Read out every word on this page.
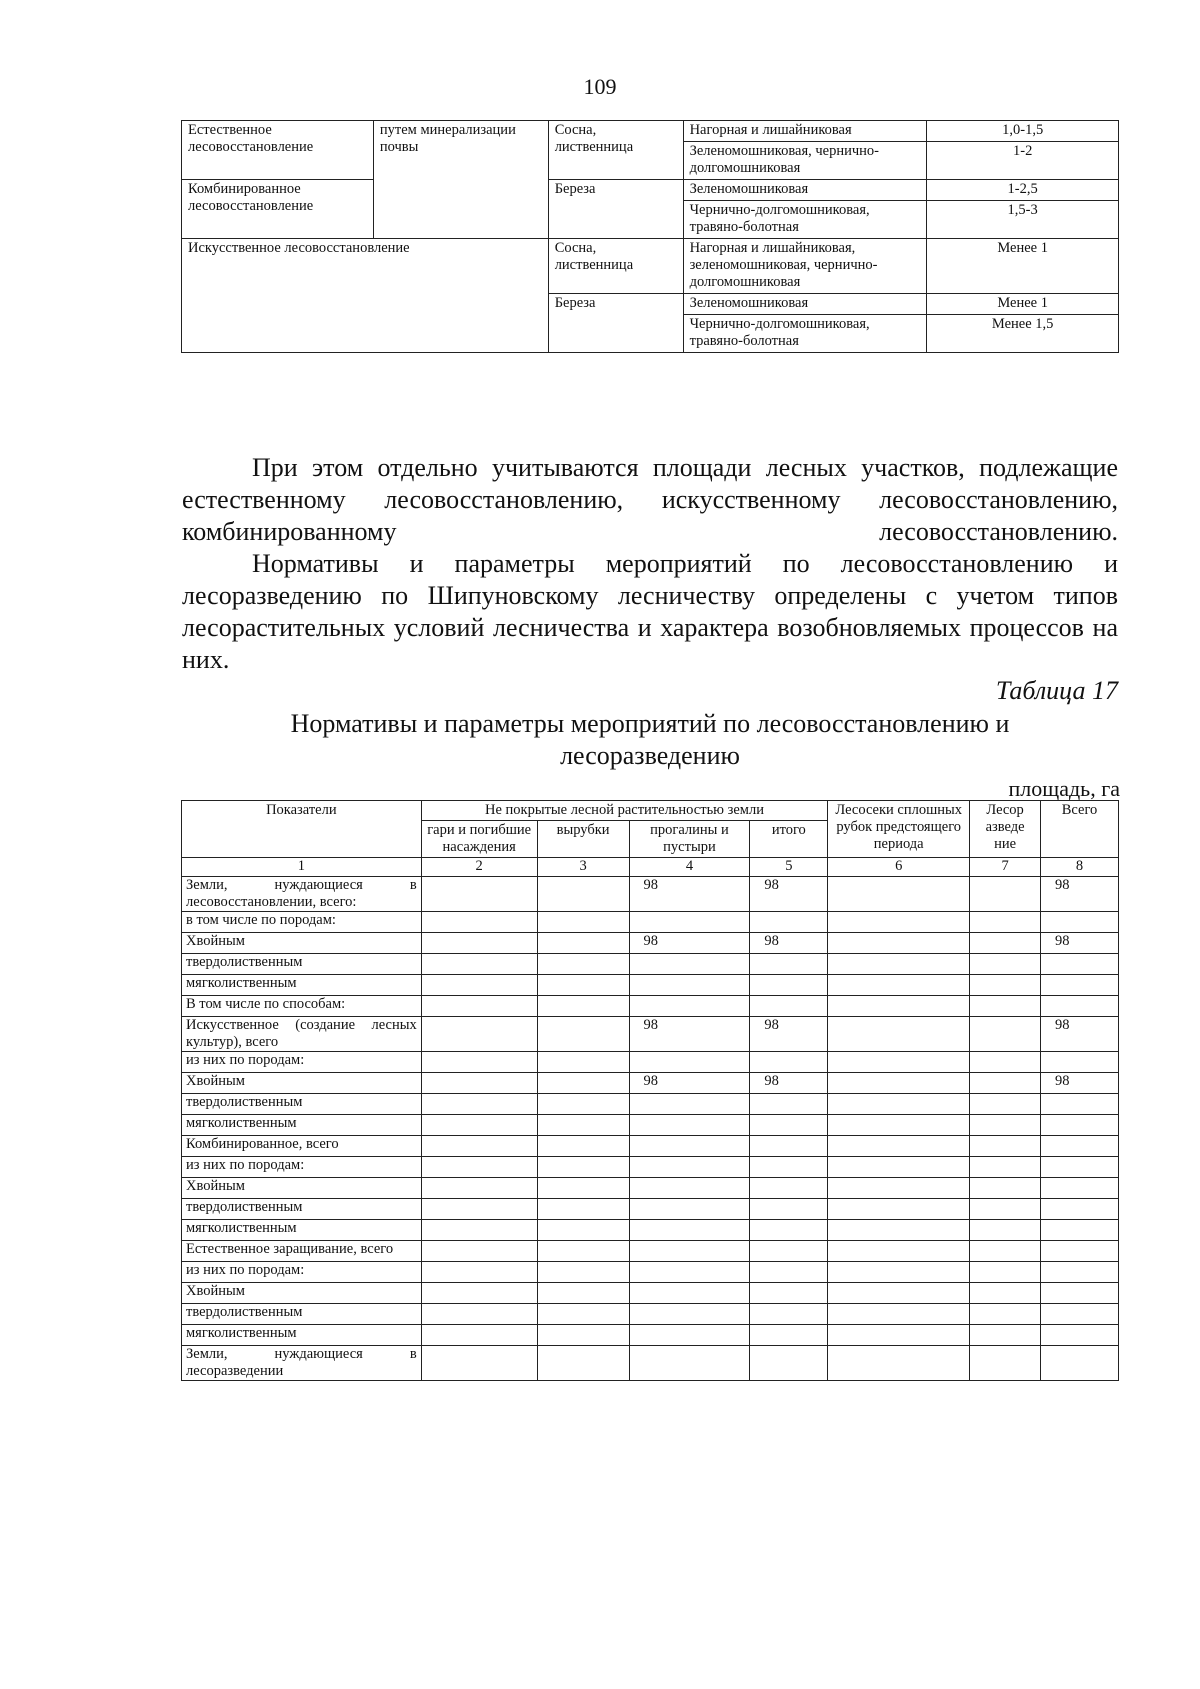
109
Естественное лесовосстановление	путем минерализации почвы	Сосна, лиственница	Нагорная и лишайниковая	1,0-1,5
			Зеленомошниковая, чернично-долгомошниковая	1-2
Комбинированное лесовосстановление		Береза	Зеленомошниковая	1-2,5
			Чернично-долгомошниковая, травяно-болотная	1,5-3
Искусственное лесовосстановление		Сосна, лиственница	Нагорная и лишайниковая, зеленомошниковая, чернично-долгомошниковая	Менее 1
		Береза	Зеленомошниковая	Менее 1
			Чернично-долгомошниковая, травяно-болотная	Менее 1,5

При этом отдельно учитываются площади лесных участков, подлежащие естественному лесовосстановлению, искусственному лесовосстановлению, комбинированному лесовосстановлению.

Нормативы и параметры мероприятий по лесовосстановлению и лесоразведению по Шипуновскому лесничеству определены с учетом типов лесорастительных условий лесничества и характера возобновляемых процессов на них.

Таблица 17
Нормативы и параметры мероприятий по лесовосстановлению и
лесоразведению
площадь, га
Показатели	Не покрытые лесной растительностью земли				Лесосеки сплошных рубок предстоящего периода	Лесор азведе ние	Всего
	гари и погибшие насаждения	вырубки	прогалины и пустыри	итого			
1	2	3	4	5	6	7	8
Земли, нуждающиеся в лесовосстановлении, всего:			98	98			98
в том числе по породам:							
Хвойным			98	98			98
твердолиственным							
мягколиственным							
В том числе по способам:							
Искусственное (создание лесных культур), всего			98	98			98
из них по породам:							
Хвойным			98	98			98
твердолиственным							
мягколиственным							
Комбинированное, всего							
из них по породам:							
Хвойным							
твердолиственным							
мягколиственным							
Естественное заращивание, всего							
из них по породам:							
Хвойным							
твердолиственным							
мягколиственным							
Земли, нуждающиеся в лесоразведении							
